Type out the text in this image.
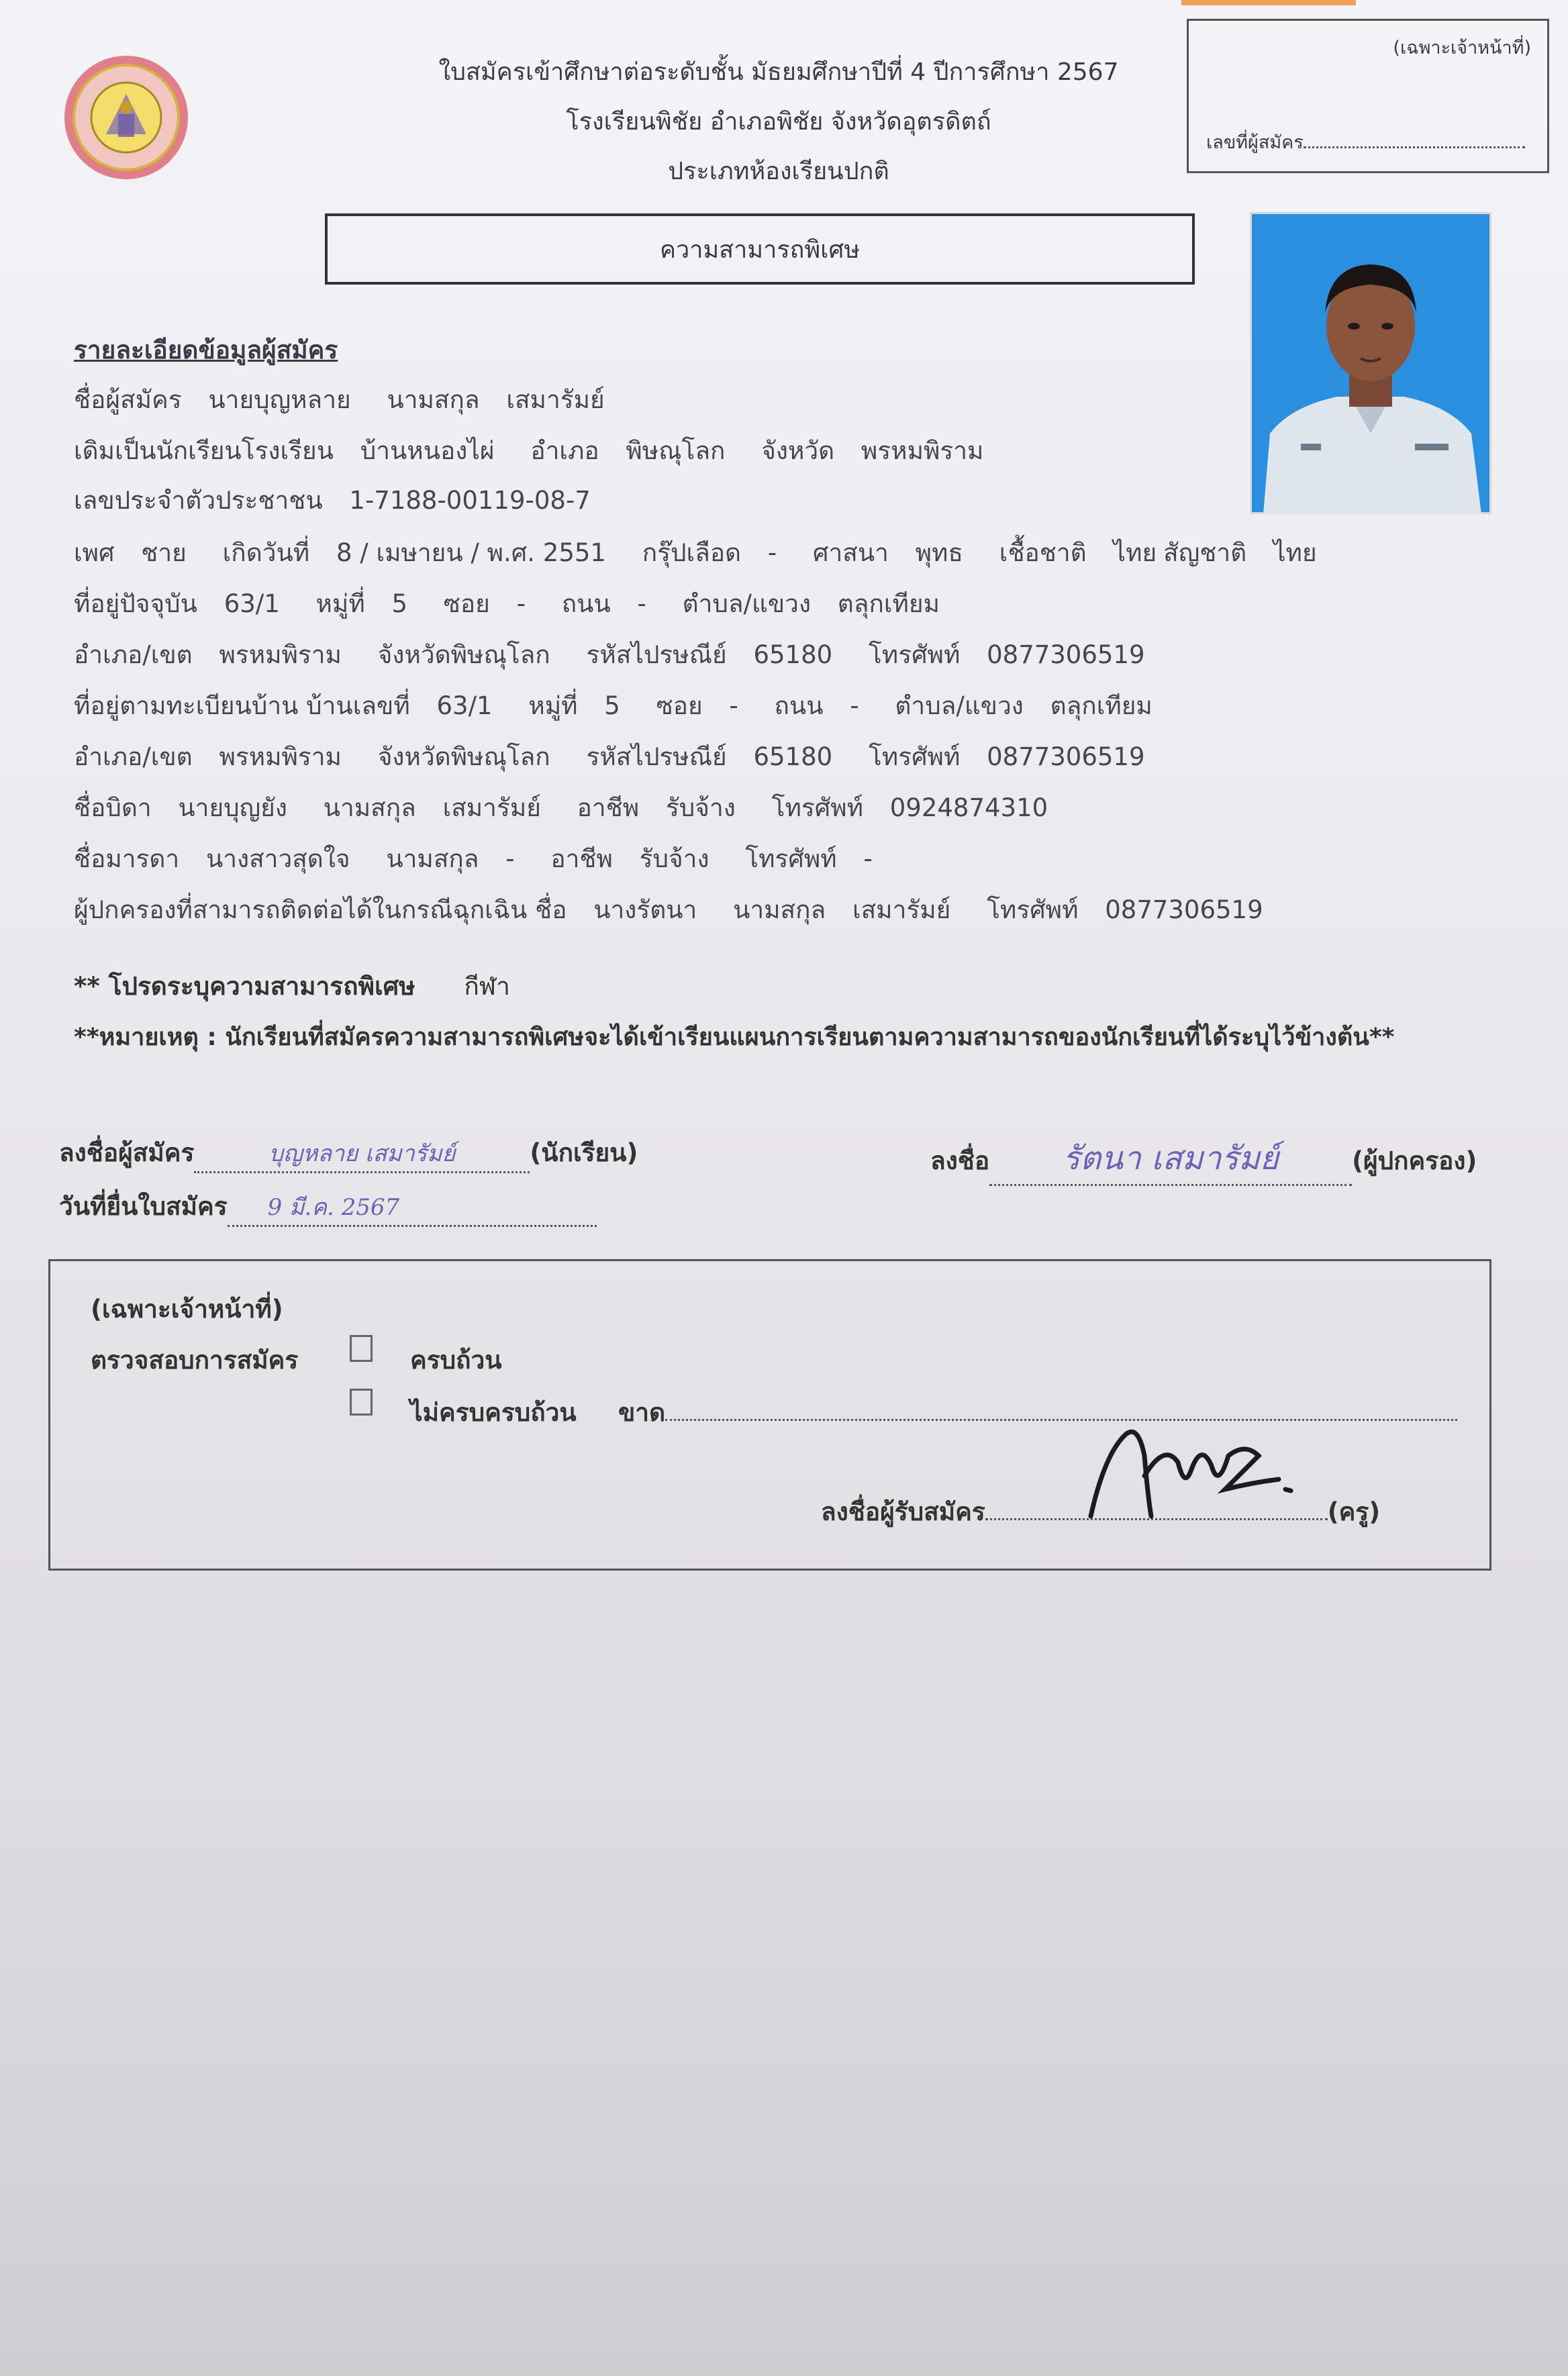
ใบสมัครเข้าศึกษาต่อระดับชั้น มัธยมศึกษาปีที่ 4 ปีการศึกษา 2567
โรงเรียนพิชัย อำเภอพิชัย จังหวัดอุตรดิตถ์
ประเภทห้องเรียนปกติ
(เฉพาะเจ้าหน้าที่)
เลขที่ผู้สมัคร
ความสามารถพิเศษ
รายละเอียดข้อมูลผู้สมัคร
ชื่อผู้สมัคร นายบุญหลาย นามสกุล เสมารัมย์
เดิมเป็นนักเรียนโรงเรียน บ้านหนองไผ่ อำเภอ พิษณุโลก จังหวัด พรหมพิราม
เลขประจำตัวประชาชน 1-7188-00119-08-7
เพศ ชาย เกิดวันที่ 8 / เมษายน / พ.ศ. 2551 กรุ๊ปเลือด - ศาสนา พุทธ เชื้อชาติ ไทย สัญชาติ ไทย
ที่อยู่ปัจจุบัน 63/1 หมู่ที่ 5 ซอย - ถนน - ตำบล/แขวง ตลุกเทียม
อำเภอ/เขต พรหมพิราม จังหวัดพิษณุโลก รหัสไปรษณีย์ 65180 โทรศัพท์ 0877306519
ที่อยู่ตามทะเบียนบ้าน บ้านเลขที่ 63/1 หมู่ที่ 5 ซอย - ถนน - ตำบล/แขวง ตลุกเทียม
อำเภอ/เขต พรหมพิราม จังหวัดพิษณุโลก รหัสไปรษณีย์ 65180 โทรศัพท์ 0877306519
ชื่อบิดา นายบุญยัง นามสกุล เสมารัมย์ อาชีพ รับจ้าง โทรศัพท์ 0924874310
ชื่อมารดา นางสาวสุดใจ นามสกุล - อาชีพ รับจ้าง โทรศัพท์ -
ผู้ปกครองที่สามารถติดต่อได้ในกรณีฉุกเฉิน ชื่อ นางรัตนา นามสกุล เสมารัมย์ โทรศัพท์ 0877306519
** โปรดระบุความสามารถพิเศษ กีฬา
**หมายเหตุ : นักเรียนที่สมัครความสามารถพิเศษจะได้เข้าเรียนแผนการเรียนตามความสามารถของนักเรียนที่ได้ระบุไว้ข้างต้น**
ลงชื่อผู้สมัคร	บุญหลาย เสมารัมย์	(นักเรียน)	ลงชื่อ รัตนา เสมารัมย์	(ผู้ปกครอง)
วันที่ยื่นใบสมัคร 9 มี.ค. 2567
(เฉพาะเจ้าหน้าที่)
ตรวจสอบการสมัคร	ครบถ้วน
ไม่ครบครบถ้วน ขาด
ลงชื่อผู้รับสมัคร	(ครู)
